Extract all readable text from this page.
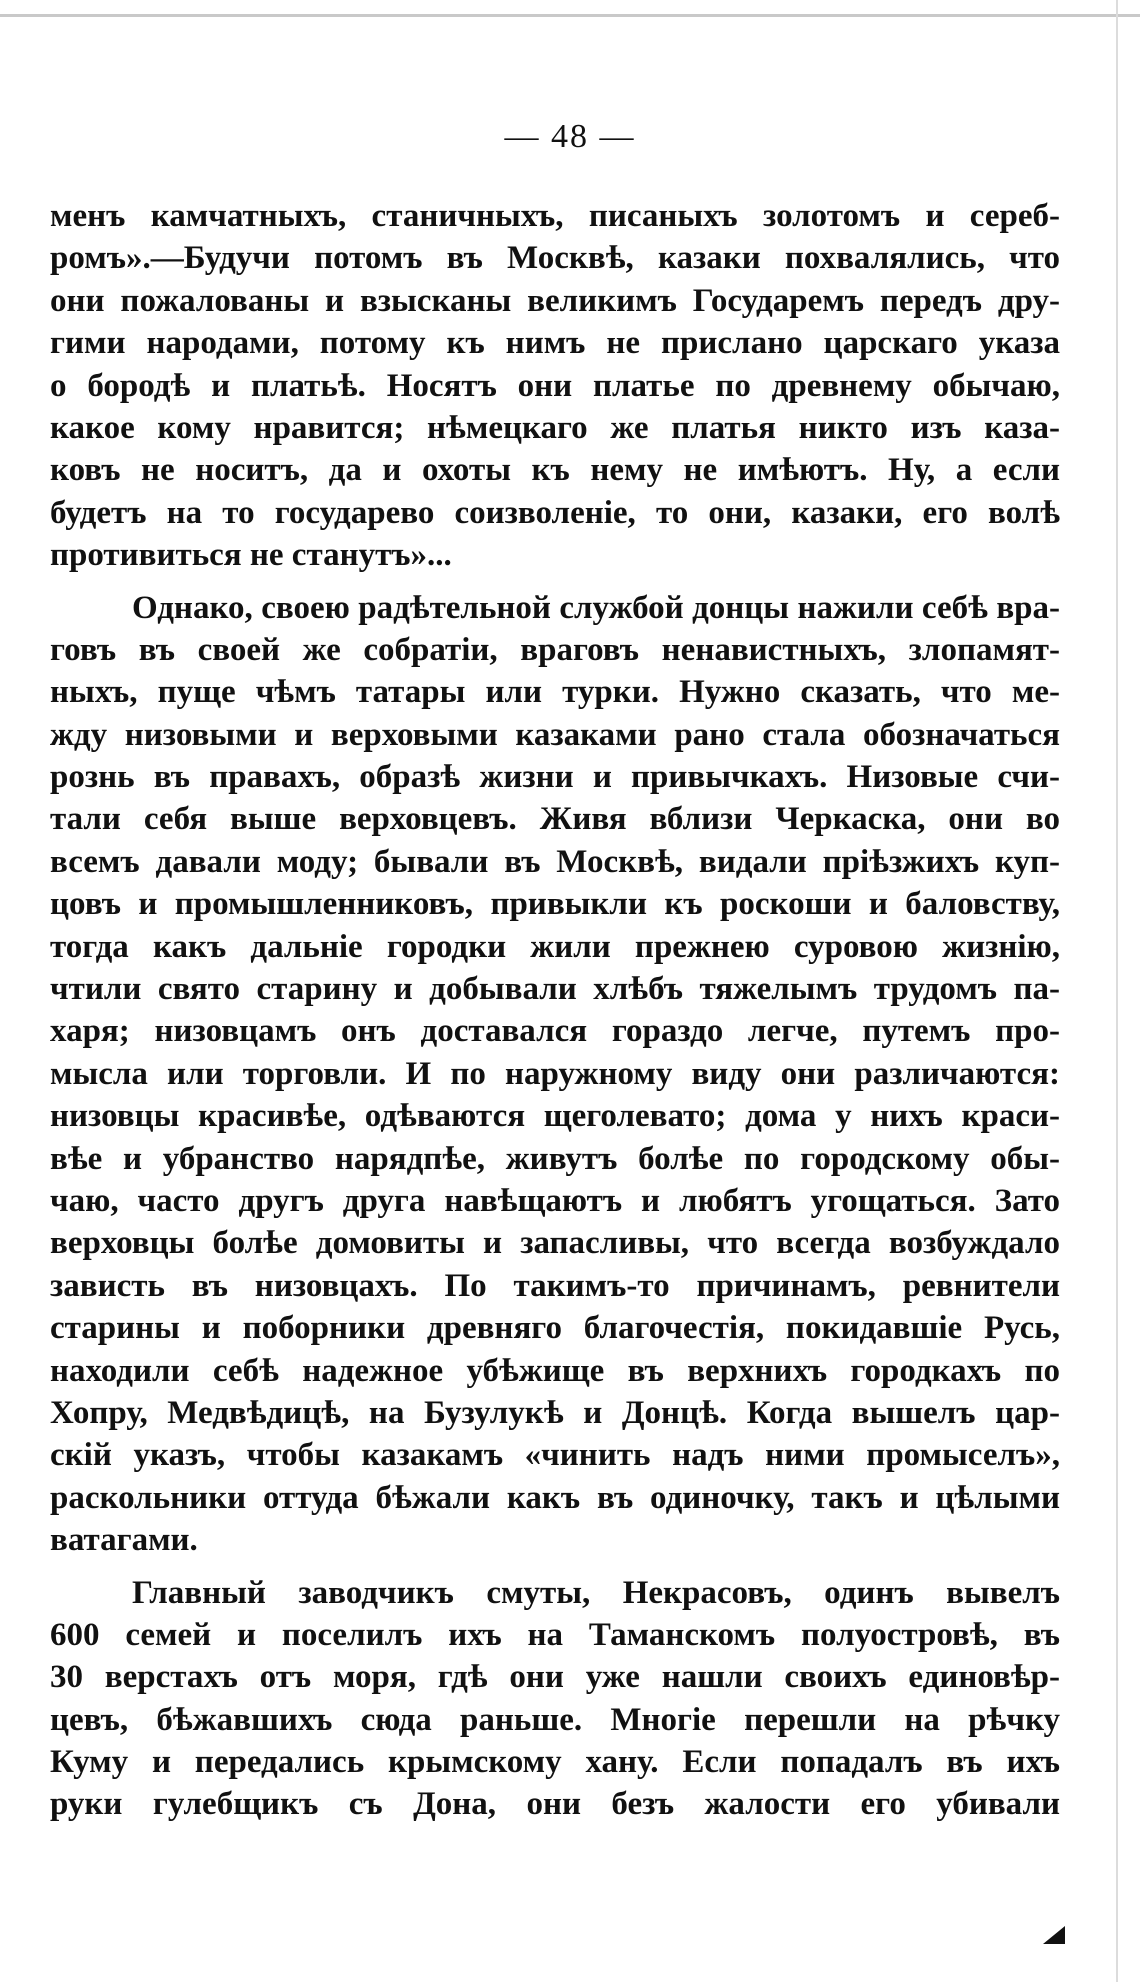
— 48 —
менъ камчатныхъ, станичныхъ, писаныхъ золотомъ и сереб-
ромъ».—Будучи потомъ въ Москвѣ, казаки похвалялись, что
они пожалованы и взысканы великимъ Государемъ передъ дру-
гими народами, потому къ нимъ не прислано царскаго указа
о бородѣ и платьѣ. Носятъ они платье по древнему обычаю,
какое кому нравится; нѣмецкаго же платья никто изъ каза-
ковъ не носитъ, да и охоты къ нему не имѣютъ. Ну, а если
будетъ на то государево соизволеніе, то они, казаки, его волѣ
противиться не станутъ»...
Однако, своею радѣтельной службой донцы нажили себѣ вра-
говъ въ своей же собратіи, враговъ ненавистныхъ, злопамят-
ныхъ, пуще чѣмъ татары или турки. Нужно сказать, что ме-
жду низовыми и верховыми казаками рано стала обозначаться
рознь въ правахъ, образѣ жизни и привычкахъ. Низовые счи-
тали себя выше верховцевъ. Живя вблизи Черкаска, они во
всемъ давали моду; бывали въ Москвѣ, видали пріѣзжихъ куп-
цовъ и промышленниковъ, привыкли къ роскоши и баловству,
тогда какъ дальніе городки жили прежнею суровою жизнію,
чтили свято старину и добывали хлѣбъ тяжелымъ трудомъ па-
харя; низовцамъ онъ доставался гораздо легче, путемъ про-
мысла или торговли. И по наружному виду они различаются:
низовцы красивѣе, одѣваются щеголевато; дома у нихъ краси-
вѣе и убранство нарядпѣе, живутъ болѣе по городскому обы-
чаю, часто другъ друга навѣщаютъ и любятъ угощаться. Зато
верховцы болѣе домовиты и запасливы, что всегда возбуждало
зависть въ низовцахъ. По такимъ-то причинамъ, ревнители
старины и поборники древняго благочестія, покидавшіе Русь,
находили себѣ надежное убѣжище въ верхнихъ городкахъ по
Хопру, Медвѣдицѣ, на Бузулукѣ и Донцѣ. Когда вышелъ цар-
скій указъ, чтобы казакамъ «чинить надъ ними промыселъ»,
раскольники оттуда бѣжали какъ въ одиночку, такъ и цѣлыми
ватагами.
Главный заводчикъ смуты, Некрасовъ, одинъ вывелъ
600 семей и поселилъ ихъ на Таманскомъ полуостровѣ, въ
30 верстахъ отъ моря, гдѣ они уже нашли своихъ единовѣр-
цевъ, бѣжавшихъ сюда раньше. Многіе перешли на рѣчку
Куму и передались крымскому хану. Если попадалъ въ ихъ
руки гулебщикъ съ Дона, они безъ жалости его убивали
